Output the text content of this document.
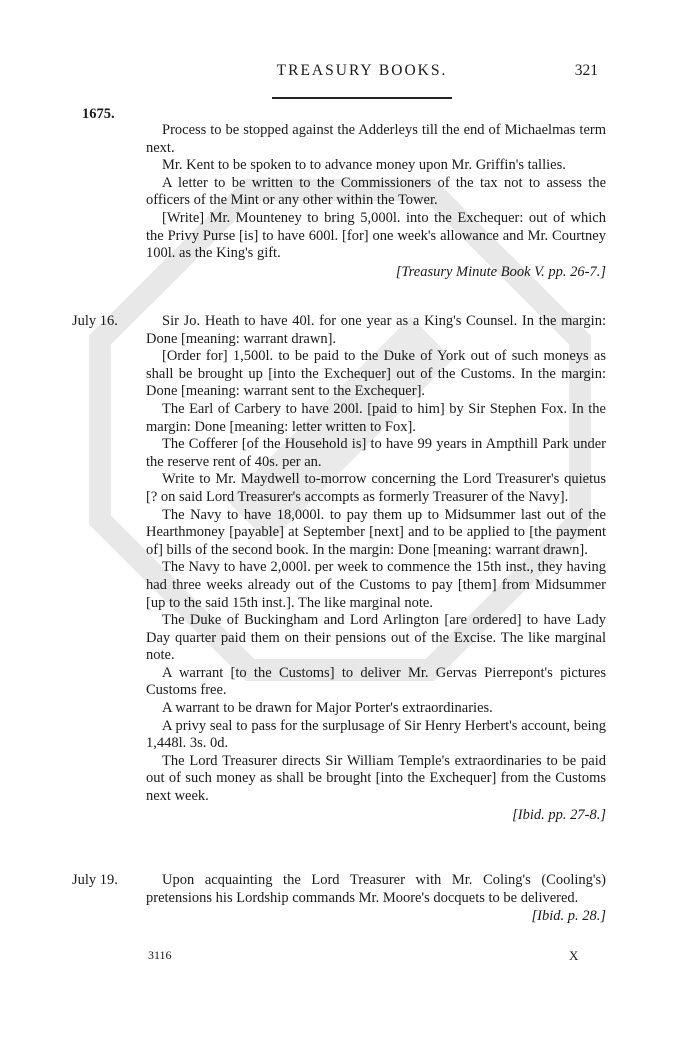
TREASURY BOOKS.	321
1675.

Process to be stopped against the Adderleys till the end of Michaelmas term next.

Mr. Kent to be spoken to to advance money upon Mr. Griffin's tallies.

A letter to be written to the Commissioners of the tax not to assess the officers of the Mint or any other within the Tower.

[Write] Mr. Mounteney to bring 5,000l. into the Exchequer: out of which the Privy Purse [is] to have 600l. [for] one week's allowance and Mr. Courtney 100l. as the King's gift.

[Treasury Minute Book V. pp. 26-7.]
July 16.	Sir Jo. Heath to have 40l. for one year as a King's Counsel. In the margin: Done [meaning: warrant drawn].

[Order for] 1,500l. to be paid to the Duke of York out of such moneys as shall be brought up [into the Exchequer] out of the Customs. In the margin: Done [meaning: warrant sent to the Exchequer].

The Earl of Carbery to have 200l. [paid to him] by Sir Stephen Fox. In the margin: Done [meaning: letter written to Fox].

The Cofferer [of the Household is] to have 99 years in Ampthill Park under the reserve rent of 40s. per an.

Write to Mr. Maydwell to-morrow concerning the Lord Treasurer's quietus [? on said Lord Treasurer's accompts as formerly Treasurer of the Navy].

The Navy to have 18,000l. to pay them up to Midsummer last out of the Hearthmoney [payable] at September [next] and to be applied to [the payment of] bills of the second book. In the margin: Done [meaning: warrant drawn].

The Navy to have 2,000l. per week to commence the 15th inst., they having had three weeks already out of the Customs to pay [them] from Midsummer [up to the said 15th inst.]. The like marginal note.

The Duke of Buckingham and Lord Arlington [are ordered] to have Lady Day quarter paid them on their pensions out of the Excise. The like marginal note.

A warrant [to the Customs] to deliver Mr. Gervas Pierrepont's pictures Customs free.

A warrant to be drawn for Major Porter's extraordinaries.

A privy seal to pass for the surplusage of Sir Henry Herbert's account, being 1,448l. 3s. 0d.

The Lord Treasurer directs Sir William Temple's extraordinaries to be paid out of such money as shall be brought [into the Exchequer] from the Customs next week.

[Ibid. pp. 27-8.]
July 19.	Upon acquainting the Lord Treasurer with Mr. Coling's (Cooling's) pretensions his Lordship commands Mr. Moore's docquets to be delivered.

[Ibid. p. 28.]
3116	X
